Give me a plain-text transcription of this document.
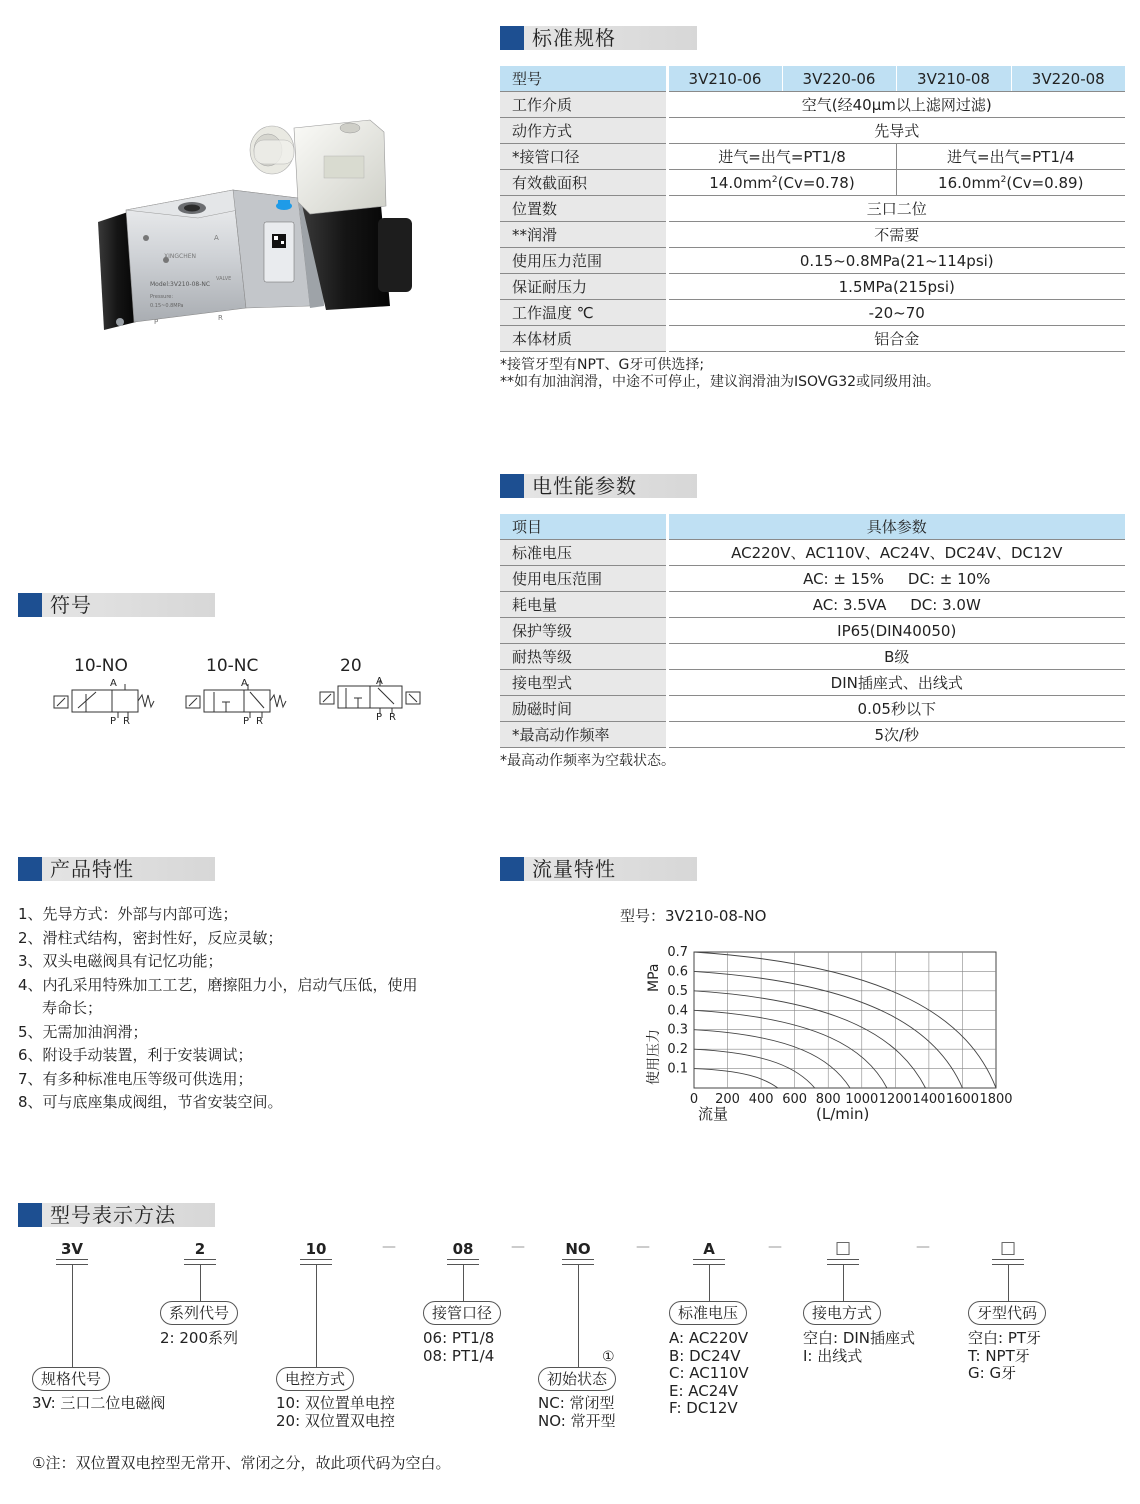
Model:3V210-08-NC
Pressure:
0.15~0.8MPa
XINGCHEN
VALVE
P	R
A
标准规格
型号	3V210-06	3V220-06	3V210-08	3V220-08
工作介质	空气(经40μm以上滤网过滤)			
动作方式	先导式			
*接管口径	进气=出气=PT1/8		进气=出气=PT1/4	
有效截面积	$14.0mm^2(Cv=0.78)$		$16.0mm^2(Cv=0.89)$	
位置数	三口二位			
**润滑	不需要			
使用压力范围	0.15~0.8MPa(21~114psi)			
保证耐压力	1.5MPa(215psi)			
工作温度 ℃	-20~70			
本体材质	铝合金			
*接管牙型有NPT、G牙可供选择;
**如有加油润滑，中途不可停止，建议润滑油为ISOVG32或同级用油。
电性能参数
项目	具体参数
标准电压	AC220V、AC110V、AC24V、DC24V、DC12V
使用电压范围	AC: ± 15%     DC: ± 10%
耗电量	AC: 3.5VA     DC: 3.0W
保护等级	IP65(DIN40050)
耐热等级	B级
接电型式	DIN插座式、出线式
励磁时间	0.05秒以下
*最高动作频率	5次/秒
*最高动作频率为空载状态。
符号
10-NO	10-NC	20
A
P R
A
P R
A
P R
产品特性
1、先导方式：外部与内部可选；
2、滑柱式结构，密封性好，反应灵敏；
3、双头电磁阀具有记忆功能；
4、内孔采用特殊加工工艺，磨擦阻力小，启动气压低，使用
寿命长；
5、无需加油润滑；
6、附设手动装置，利于安装调试；
7、有多种标准电压等级可供选用；
8、可与底座集成阀组，节省安装空间。
流量特性
型号：3V210-08-NO
0.1
0.2
0.3
0.4
0.5
0.6
0.7
0 200 400 600 800 1000 1200 1400 1600 1800
MPa
使用压力
流量	(L/min)
型号表示方法
3V	2	10	08	NO	A	□	□
—	—	—	—	—
规格代号
3V: 三口二位电磁阀
系列代号
2: 200系列
电控方式
10: 双位置单电控
20: 双位置双电控
接管口径
06: PT1/8
08: PT1/4	①
初始状态
NC: 常闭型
NO: 常开型
标准电压
A: AC220V
B: DC24V
C: AC110V
E: AC24V
F: DC12V
接电方式
空白: DIN插座式
I: 出线式
牙型代码
空白: PT牙
T: NPT牙
G: G牙
①注：双位置双电控型无常开、常闭之分，故此项代码为空白。
